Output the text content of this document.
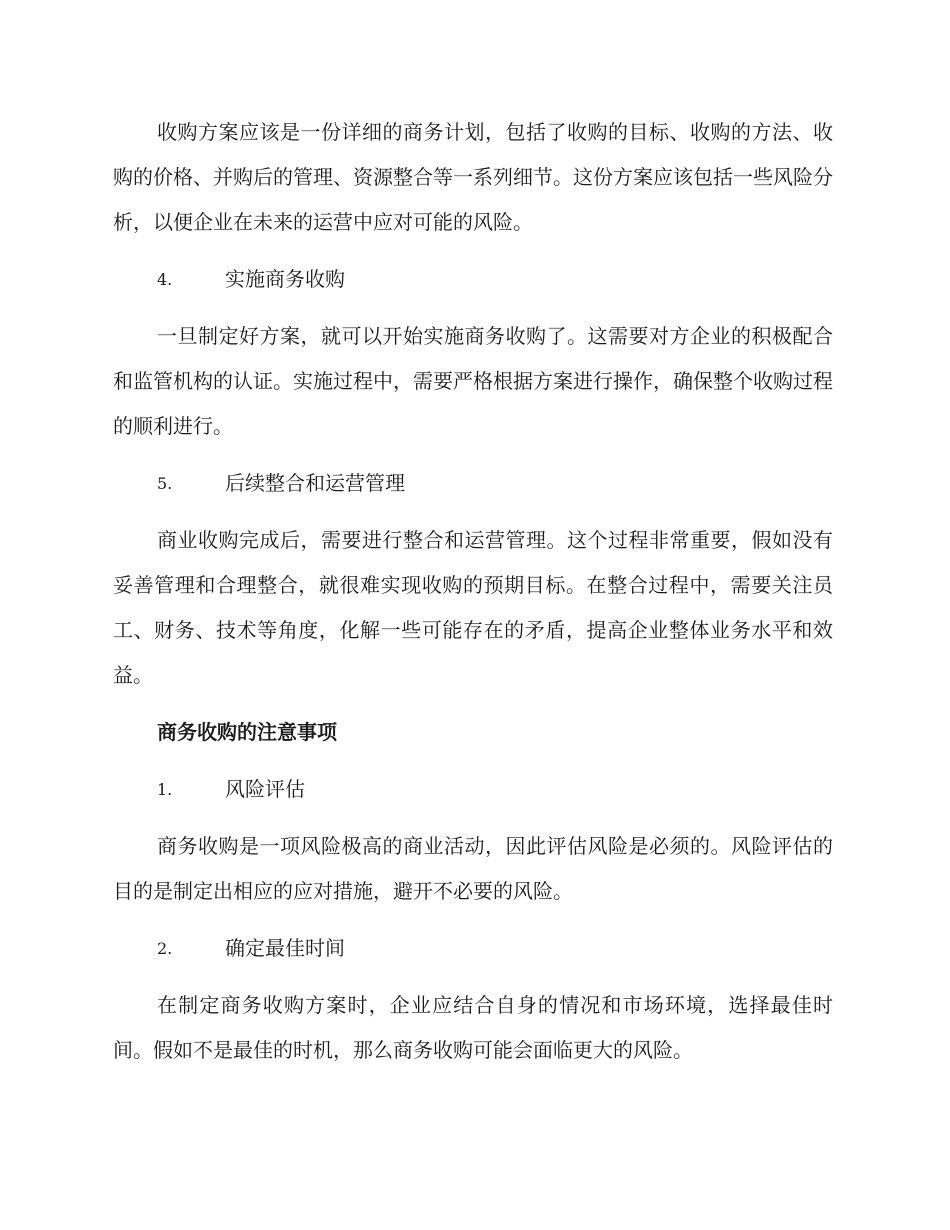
收购方案应该是一份详细的商务计划，包括了收购的目标、收购的方法、收购的价格、并购后的管理、资源整合等一系列细节。这份方案应该包括一些风险分析，以便企业在未来的运营中应对可能的风险。

4.	实施商务收购

一旦制定好方案，就可以开始实施商务收购了。这需要对方企业的积极配合和监管机构的认证。实施过程中，需要严格根据方案进行操作，确保整个收购过程的顺利进行。

5.	后续整合和运营管理

商业收购完成后，需要进行整合和运营管理。这个过程非常重要，假如没有妥善管理和合理整合，就很难实现收购的预期目标。在整合过程中，需要关注员工、财务、技术等角度，化解一些可能存在的矛盾，提高企业整体业务水平和效益。

商务收购的注意事项

1.	风险评估

商务收购是一项风险极高的商业活动，因此评估风险是必须的。风险评估的目的是制定出相应的应对措施，避开不必要的风险。

2.	确定最佳时间

在制定商务收购方案时，企业应结合自身的情况和市场环境，选择最佳时间。假如不是最佳的时机，那么商务收购可能会面临更大的风险。
